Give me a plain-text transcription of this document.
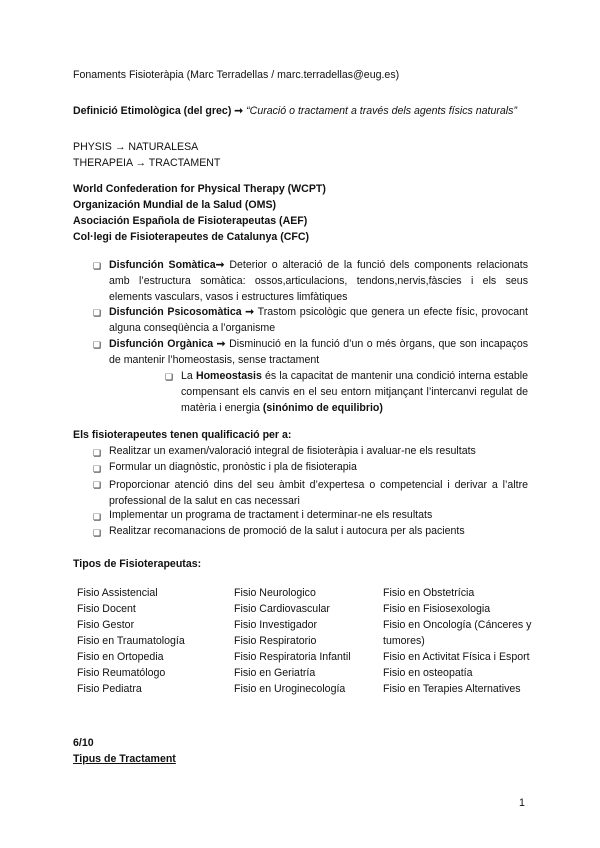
Fonaments Fisioteràpia (Marc Terradellas / marc.terradellas@eug.es)
Definició Etimològica (del grec) ➞ “Curació o tractament a través dels agents físics naturals”
PHYSIS → NATURALESA
THERAPEIA → TRACTAMENT
World Confederation for Physical Therapy (WCPT)
Organización Mundial de la Salud (OMS)
Asociación Española de Fisioterapeutas (AEF)
Col·legi de Fisioterapeutes de Catalunya (CFC)
❏
Disfunción Somàtica➞ Deterior o alteració de la funció dels components relacionats amb l’estructura somàtica: ossos,articulacions, tendons,nervis,fàscies i els seus elements vasculars, vasos i estructures limfàtiques
❏
Disfunción Psicosomàtica ➞ Trastom psicològic que genera un efecte físic, provocant alguna conseqüència a l’organisme
❏
Disfunción Orgànica ➞ Disminució en la funció d’un o més òrgans, que son incapaços de mantenir l’homeostasis, sense tractament
❏
La Homeostasis és la capacitat de mantenir una condició interna estable compensant els canvis en el seu entorn mitjançant l’intercanvi regulat de matèria i energia (sinónimo de equilibrio)
Els fisioterapeutes tenen qualificació per a:
❏
Realitzar un examen/valoració integral de fisioteràpia i avaluar-ne els resultats
❏
Formular un diagnòstic, pronòstic i pla de fisioterapia
❏
Proporcionar atenció dins del seu àmbit d’expertesa o competencial i derivar a l’altre professional de la salut en cas necessari
❏
Implementar un programa de tractament i determinar-ne els resultats
❏
Realitzar recomanacions de promoció de la salut i autocura per als pacients
Tipos de Fisioterapeutas:
Fisio Assistencial
Fisio Docent
Fisio Gestor
Fisio en Traumatología
Fisio en Ortopedia
Fisio Reumatólogo
Fisio Pediatra
Fisio Neurologico
Fisio Cardiovascular
Fisio Investigador
Fisio Respiratorio
Fisio Respiratoria Infantil
Fisio en Geriatría
Fisio en Uroginecología
Fisio en Obstetrícia
Fisio en Fisiosexologia
Fisio en Oncología (Cánceres y tumores)
Fisio en Activitat Física i Esport
Fisio en osteopatía
Fisio en Terapies Alternatives
6/10
Tipus de Tractament
1
